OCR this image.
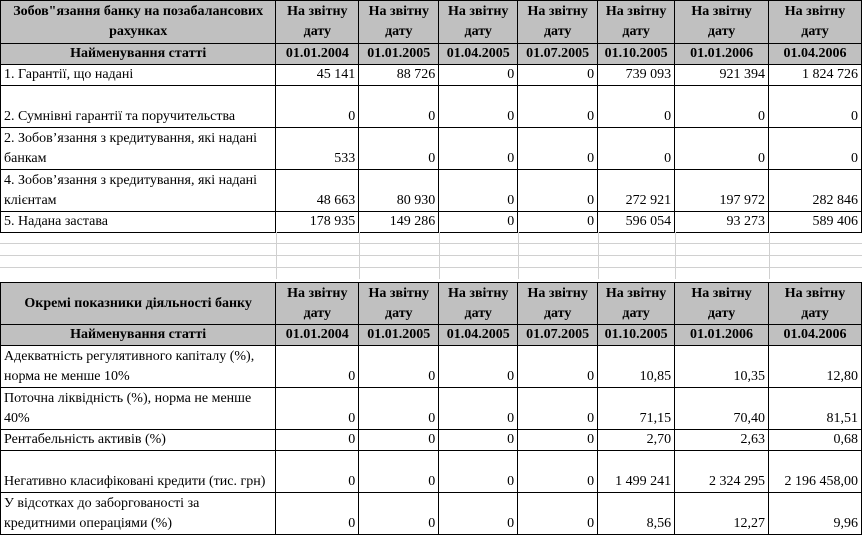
Зобов"язання банку на позабалансових рахунках	На звітну дату	На звітну дату	На звітну дату	На звітну дату	На звітну дату	На звітну дату	На звітну дату
Найменування статті	01.01.2004	01.01.2005	01.04.2005	01.07.2005	01.10.2005	01.01.2006	01.04.2006
1. Гарантії, що надані	45 141	88 726	0	0	739 093	921 394	1 824 726
2. Сумнівні гарантії та поручительства	0	0	0	0	0	0	0
2. Зобов’язання з кредитування, які надані банкам	533	0	0	0	0	0	0
4. Зобов’язання з кредитування, які надані клієнтам	48 663	80 930	0	0	272 921	197 972	282 846
5. Надана застава	178 935	149 286	0	0	596 054	93 273	589 406
Окремі показники діяльності банку	На звітну дату	На звітну дату	На звітну дату	На звітну дату	На звітну дату	На звітну дату	На звітну дату
Найменування статті	01.01.2004	01.01.2005	01.04.2005	01.07.2005	01.10.2005	01.01.2006	01.04.2006
Адекватність регулятивного капіталу (%), норма не менше 10%	0	0	0	0	10,85	10,35	12,80
Поточна ліквідність (%), норма не менше 40%	0	0	0	0	71,15	70,40	81,51
Рентабельність активів (%)	0	0	0	0	2,70	2,63	0,68
Негативно класифіковані кредити (тис. грн)	0	0	0	0	1 499 241	2 324 295	2 196 458,00
У відсотках до заборгованості за кредитними операціями (%)	0	0	0	0	8,56	12,27	9,96
